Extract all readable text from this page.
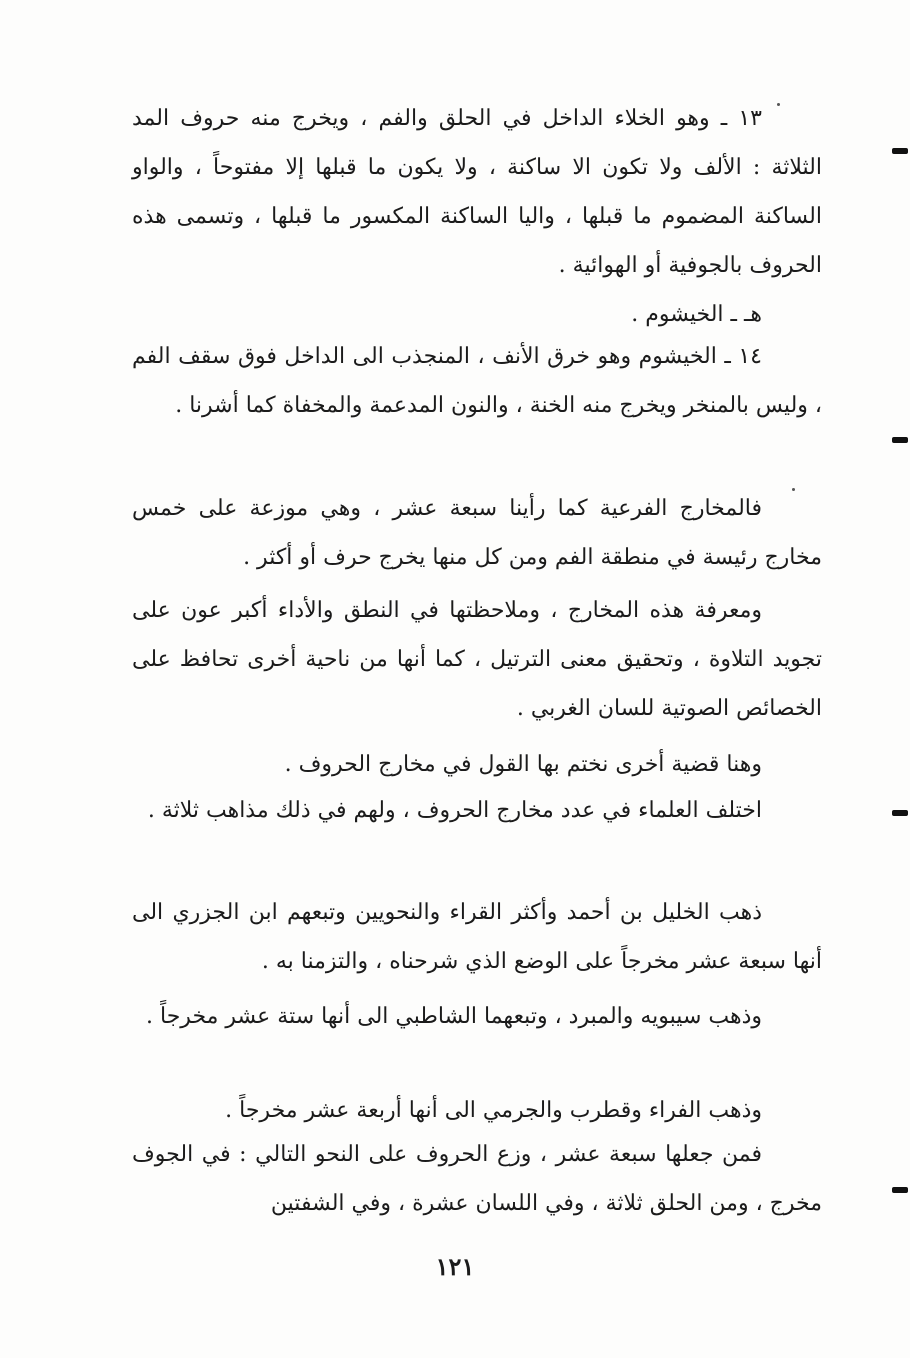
١٣ ـ وهو الخلاء الداخل في الحلق والفم ، ويخرج منه حروف المد الثلاثة : الألف ولا تكون الا ساكنة ، ولا يكون ما قبلها إلا مفتوحاً ، والواو الساكنة المضموم ما قبلها ، واليا الساكنة المكسور ما قبلها ، وتسمى هذه الحروف بالجوفية أو الهوائية .

هـ ـ الخيشوم .

١٤ ـ الخيشوم وهو خرق الأنف ، المنجذب الى الداخل فوق سقف الفم ، وليس بالمنخر ويخرج منه الخنة ، والنون المدعمة والمخفاة كما أشرنا .

فالمخارج الفرعية كما رأينا سبعة عشر ، وهي موزعة على خمس مخارج رئيسة في منطقة الفم ومن كل منها يخرج حرف أو أكثر .

ومعرفة هذه المخارج ، وملاحظتها في النطق والأداء أكبر عون على تجويد التلاوة ، وتحقيق معنى الترتيل ، كما أنها من ناحية أخرى تحافظ على الخصائص الصوتية للسان الغربي .

وهنا قضية أخرى نختم بها القول في مخارج الحروف .

اختلف العلماء في عدد مخارج الحروف ، ولهم في ذلك مذاهب ثلاثة .

ذهب الخليل بن أحمد وأكثر القراء والنحويين وتبعهم ابن الجزري الى أنها سبعة عشر مخرجاً على الوضع الذي شرحناه ، والتزمنا به .

وذهب سيبويه والمبرد ، وتبعهما الشاطبي الى أنها ستة عشر مخرجاً .

وذهب الفراء وقطرب والجرمي الى أنها أربعة عشر مخرجاً .

فمن جعلها سبعة عشر ، وزع الحروف على النحو التالي : في الجوف مخرج ، ومن الحلق ثلاثة ، وفي اللسان عشرة ، وفي الشفتين

١٢١
